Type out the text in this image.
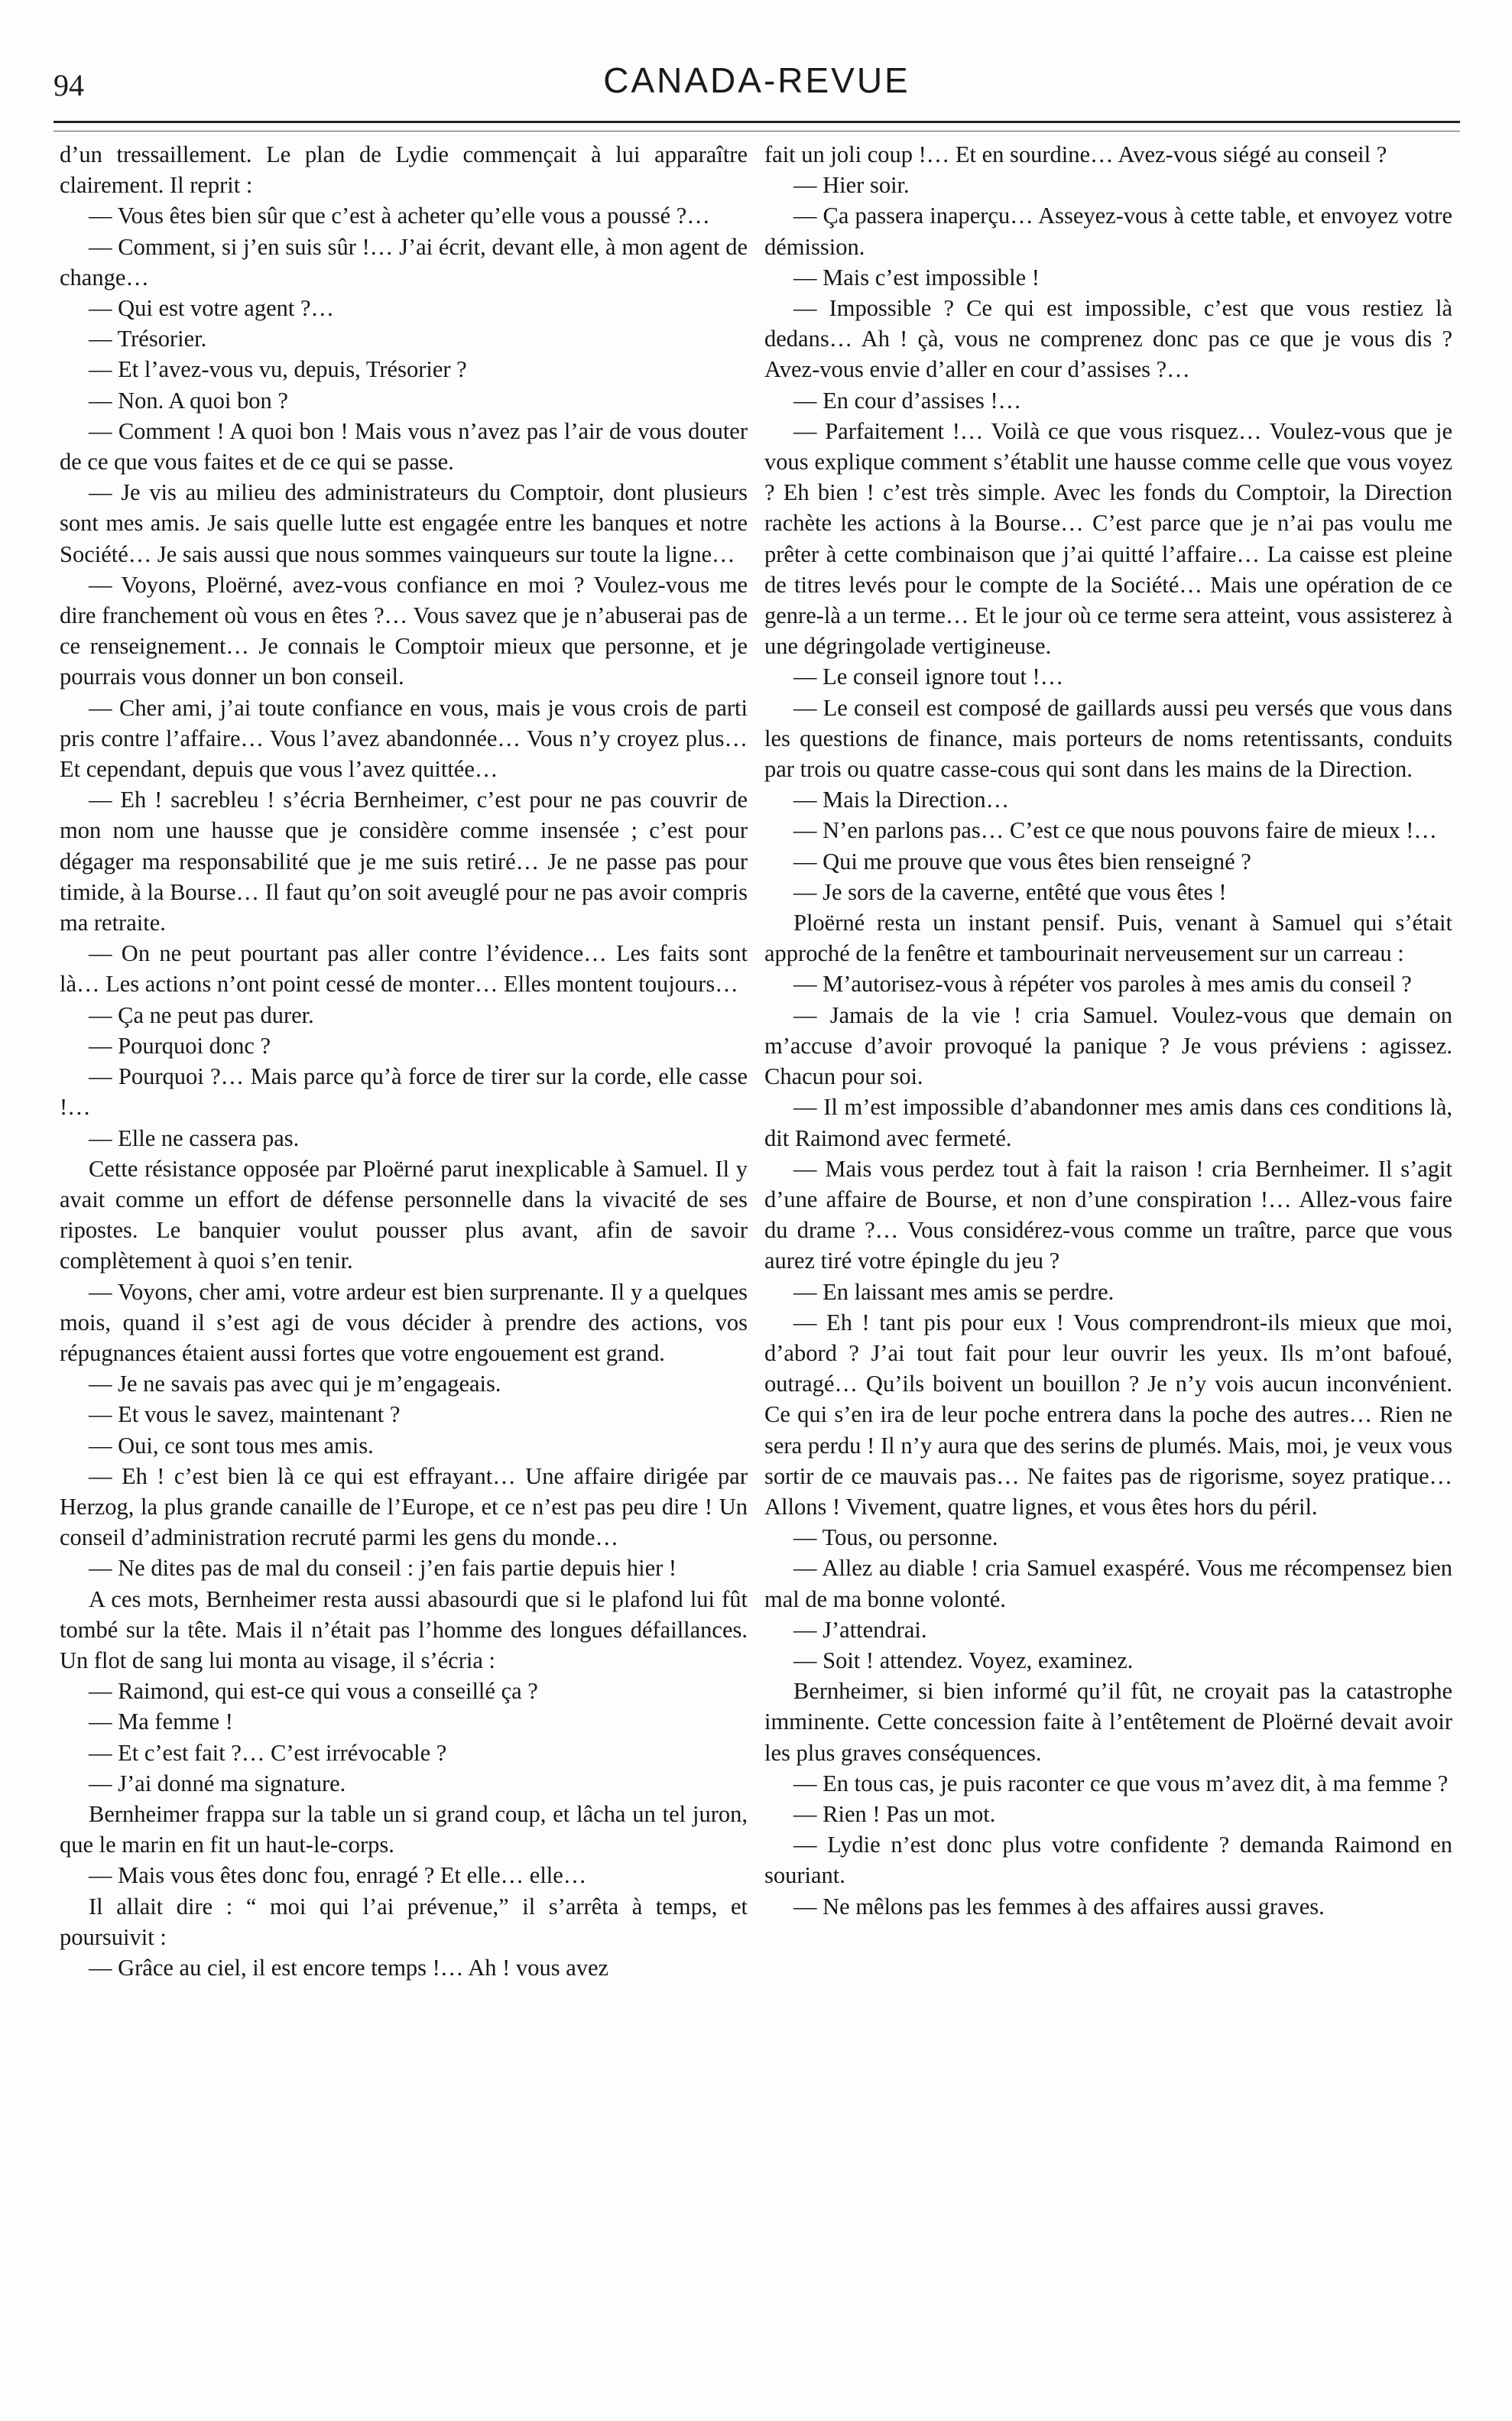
94	CANADA-REVUE

d’un tressaillement. Le plan de Lydie commençait à lui apparaître clairement. Il reprit :

— Vous êtes bien sûr que c’est à acheter qu’elle vous a poussé ?…

— Comment, si j’en suis sûr !… J’ai écrit, devant elle, à mon agent de change…

— Qui est votre agent ?…

— Trésorier.

— Et l’avez-vous vu, depuis, Trésorier ?

— Non. A quoi bon ?

— Comment ! A quoi bon ! Mais vous n’avez pas l’air de vous douter de ce que vous faites et de ce qui se passe.

— Je vis au milieu des administrateurs du Comptoir, dont plusieurs sont mes amis. Je sais quelle lutte est engagée entre les banques et notre Société… Je sais aussi que nous sommes vainqueurs sur toute la ligne…

— Voyons, Ploërné, avez-vous confiance en moi ? Voulez-vous me dire franchement où vous en êtes ?… Vous savez que je n’abuserai pas de ce renseignement… Je connais le Comptoir mieux que personne, et je pourrais vous donner un bon conseil.

— Cher ami, j’ai toute confiance en vous, mais je vous crois de parti pris contre l’affaire… Vous l’avez abandonnée… Vous n’y croyez plus… Et cependant, depuis que vous l’avez quittée…

— Eh ! sacrebleu ! s’écria Bernheimer, c’est pour ne pas couvrir de mon nom une hausse que je considère comme insensée ; c’est pour dégager ma responsabilité que je me suis retiré… Je ne passe pas pour timide, à la Bourse… Il faut qu’on soit aveuglé pour ne pas avoir compris ma retraite.

— On ne peut pourtant pas aller contre l’évidence… Les faits sont là… Les actions n’ont point cessé de monter… Elles montent toujours…

— Ça ne peut pas durer.

— Pourquoi donc ?

— Pourquoi ?… Mais parce qu’à force de tirer sur la corde, elle casse !…

— Elle ne cassera pas.

Cette résistance opposée par Ploërné parut inexplicable à Samuel. Il y avait comme un effort de défense personnelle dans la vivacité de ses ripostes. Le banquier voulut pousser plus avant, afin de savoir complètement à quoi s’en tenir.

— Voyons, cher ami, votre ardeur est bien surprenante. Il y a quelques mois, quand il s’est agi de vous décider à prendre des actions, vos répugnances étaient aussi fortes que votre engouement est grand.

— Je ne savais pas avec qui je m’engageais.

— Et vous le savez, maintenant ?

— Oui, ce sont tous mes amis.

— Eh ! c’est bien là ce qui est effrayant… Une affaire dirigée par Herzog, la plus grande canaille de l’Europe, et ce n’est pas peu dire ! Un conseil d’administration recruté parmi les gens du monde…

— Ne dites pas de mal du conseil : j’en fais partie depuis hier !

A ces mots, Bernheimer resta aussi abasourdi que si le plafond lui fût tombé sur la tête. Mais il n’était pas l’homme des longues défaillances. Un flot de sang lui monta au visage, il s’écria :

— Raimond, qui est-ce qui vous a conseillé ça ?

— Ma femme !

— Et c’est fait ?… C’est irrévocable ?

— J’ai donné ma signature.

Bernheimer frappa sur la table un si grand coup, et lâcha un tel juron, que le marin en fit un haut-le-corps.

— Mais vous êtes donc fou, enragé ? Et elle… elle…

Il allait dire : “ moi qui l’ai prévenue,” il s’arrêta à temps, et poursuivit :

— Grâce au ciel, il est encore temps !… Ah ! vous avez

fait un joli coup !… Et en sourdine… Avez-vous siégé au conseil ?

— Hier soir.

— Ça passera inaperçu… Asseyez-vous à cette table, et envoyez votre démission.

— Mais c’est impossible !

— Impossible ? Ce qui est impossible, c’est que vous restiez là dedans… Ah ! çà, vous ne comprenez donc pas ce que je vous dis ? Avez-vous envie d’aller en cour d’assises ?…

— En cour d’assises !…

— Parfaitement !… Voilà ce que vous risquez… Voulez-vous que je vous explique comment s’établit une hausse comme celle que vous voyez ? Eh bien ! c’est très simple. Avec les fonds du Comptoir, la Direction rachète les actions à la Bourse… C’est parce que je n’ai pas voulu me prêter à cette combinaison que j’ai quitté l’affaire… La caisse est pleine de titres levés pour le compte de la Société… Mais une opération de ce genre-là a un terme… Et le jour où ce terme sera atteint, vous assisterez à une dégringolade vertigineuse.

— Le conseil ignore tout !…

— Le conseil est composé de gaillards aussi peu versés que vous dans les questions de finance, mais porteurs de noms retentissants, conduits par trois ou quatre casse-cous qui sont dans les mains de la Direction.

— Mais la Direction…

— N’en parlons pas… C’est ce que nous pouvons faire de mieux !…

— Qui me prouve que vous êtes bien renseigné ?

— Je sors de la caverne, entêté que vous êtes !

Ploërné resta un instant pensif. Puis, venant à Samuel qui s’était approché de la fenêtre et tambourinait nerveusement sur un carreau :

— M’autorisez-vous à répéter vos paroles à mes amis du conseil ?

— Jamais de la vie ! cria Samuel. Voulez-vous que demain on m’accuse d’avoir provoqué la panique ? Je vous préviens : agissez. Chacun pour soi.

— Il m’est impossible d’abandonner mes amis dans ces conditions là, dit Raimond avec fermeté.

— Mais vous perdez tout à fait la raison ! cria Bernheimer. Il s’agit d’une affaire de Bourse, et non d’une conspiration !… Allez-vous faire du drame ?… Vous considérez-vous comme un traître, parce que vous aurez tiré votre épingle du jeu ?

— En laissant mes amis se perdre.

— Eh ! tant pis pour eux ! Vous comprendront-ils mieux que moi, d’abord ? J’ai tout fait pour leur ouvrir les yeux. Ils m’ont bafoué, outragé… Qu’ils boivent un bouillon ? Je n’y vois aucun inconvénient. Ce qui s’en ira de leur poche entrera dans la poche des autres… Rien ne sera perdu ! Il n’y aura que des serins de plumés. Mais, moi, je veux vous sortir de ce mauvais pas… Ne faites pas de rigorisme, soyez pratique… Allons ! Vivement, quatre lignes, et vous êtes hors du péril.

— Tous, ou personne.

— Allez au diable ! cria Samuel exaspéré. Vous me récompensez bien mal de ma bonne volonté.

— J’attendrai.

— Soit ! attendez. Voyez, examinez.

Bernheimer, si bien informé qu’il fût, ne croyait pas la catastrophe imminente. Cette concession faite à l’entêtement de Ploërné devait avoir les plus graves conséquences.

— En tous cas, je puis raconter ce que vous m’avez dit, à ma femme ?

— Rien ! Pas un mot.

— Lydie n’est donc plus votre confidente ? demanda Raimond en souriant.

— Ne mêlons pas les femmes à des affaires aussi graves.
